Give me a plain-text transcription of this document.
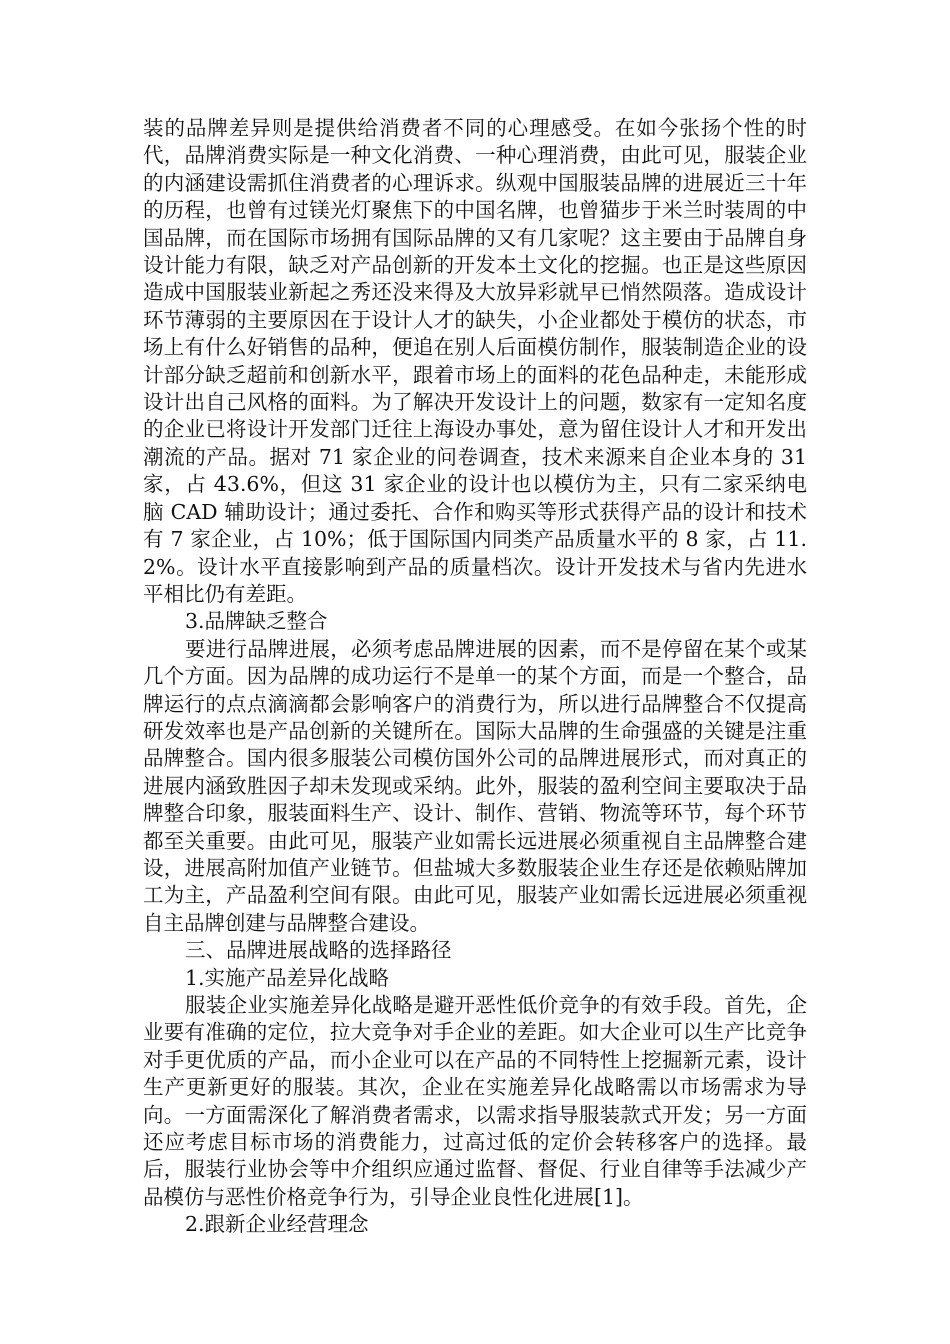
装的品牌差异则是提供给消费者不同的心理感受。在如今张扬个性的时代，品牌消费实际是一种文化消费、一种心理消费，由此可见，服装企业的内涵建设需抓住消费者的心理诉求。纵观中国服装品牌的进展近三十年的历程，也曾有过镁光灯聚焦下的中国名牌，也曾猫步于米兰时装周的中国品牌，而在国际市场拥有国际品牌的又有几家呢？这主要由于品牌自身设计能力有限，缺乏对产品创新的开发本土文化的挖掘。也正是这些原因造成中国服装业新起之秀还没来得及大放异彩就早已悄然陨落。造成设计环节薄弱的主要原因在于设计人才的缺失，小企业都处于模仿的状态，市场上有什么好销售的品种，便追在别人后面模仿制作，服装制造企业的设计部分缺乏超前和创新水平，跟着市场上的面料的花色品种走，未能形成设计出自己风格的面料。为了解决开发设计上的问题，数家有一定知名度的企业已将设计开发部门迁往上海设办事处，意为留住设计人才和开发出潮流的产品。据对 71 家企业的问卷调查，技术来源来自企业本身的 31 家，占 43.6%，但这 31 家企业的设计也以模仿为主，只有二家采纳电脑 CAD 辅助设计；通过委托、合作和购买等形式获得产品的设计和技术有 7 家企业，占 10%；低于国际国内同类产品质量水平的 8 家，占 11.2%。设计水平直接影响到产品的质量档次。设计开发技术与省内先进水平相比仍有差距。

3.品牌缺乏整合

要进行品牌进展，必须考虑品牌进展的因素，而不是停留在某个或某几个方面。因为品牌的成功运行不是单一的某个方面，而是一个整合，品牌运行的点点滴滴都会影响客户的消费行为，所以进行品牌整合不仅提高研发效率也是产品创新的关键所在。国际大品牌的生命强盛的关键是注重品牌整合。国内很多服装公司模仿国外公司的品牌进展形式，而对真正的进展内涵致胜因子却未发现或采纳。此外，服装的盈利空间主要取决于品牌整合印象，服装面料生产、设计、制作、营销、物流等环节，每个环节都至关重要。由此可见，服装产业如需长远进展必须重视自主品牌整合建设，进展高附加值产业链节。但盐城大多数服装企业生存还是依赖贴牌加工为主，产品盈利空间有限。由此可见，服装产业如需长远进展必须重视自主品牌创建与品牌整合建设。

三、品牌进展战略的选择路径

1.实施产品差异化战略

服装企业实施差异化战略是避开恶性低价竞争的有效手段。首先，企业要有准确的定位，拉大竞争对手企业的差距。如大企业可以生产比竞争对手更优质的产品，而小企业可以在产品的不同特性上挖掘新元素，设计生产更新更好的服装。其次，企业在实施差异化战略需以市场需求为导向。一方面需深化了解消费者需求，以需求指导服装款式开发；另一方面还应考虑目标市场的消费能力，过高过低的定价会转移客户的选择。最后，服装行业协会等中介组织应通过监督、督促、行业自律等手法减少产品模仿与恶性价格竞争行为，引导企业良性化进展[1]。

2.跟新企业经营理念
